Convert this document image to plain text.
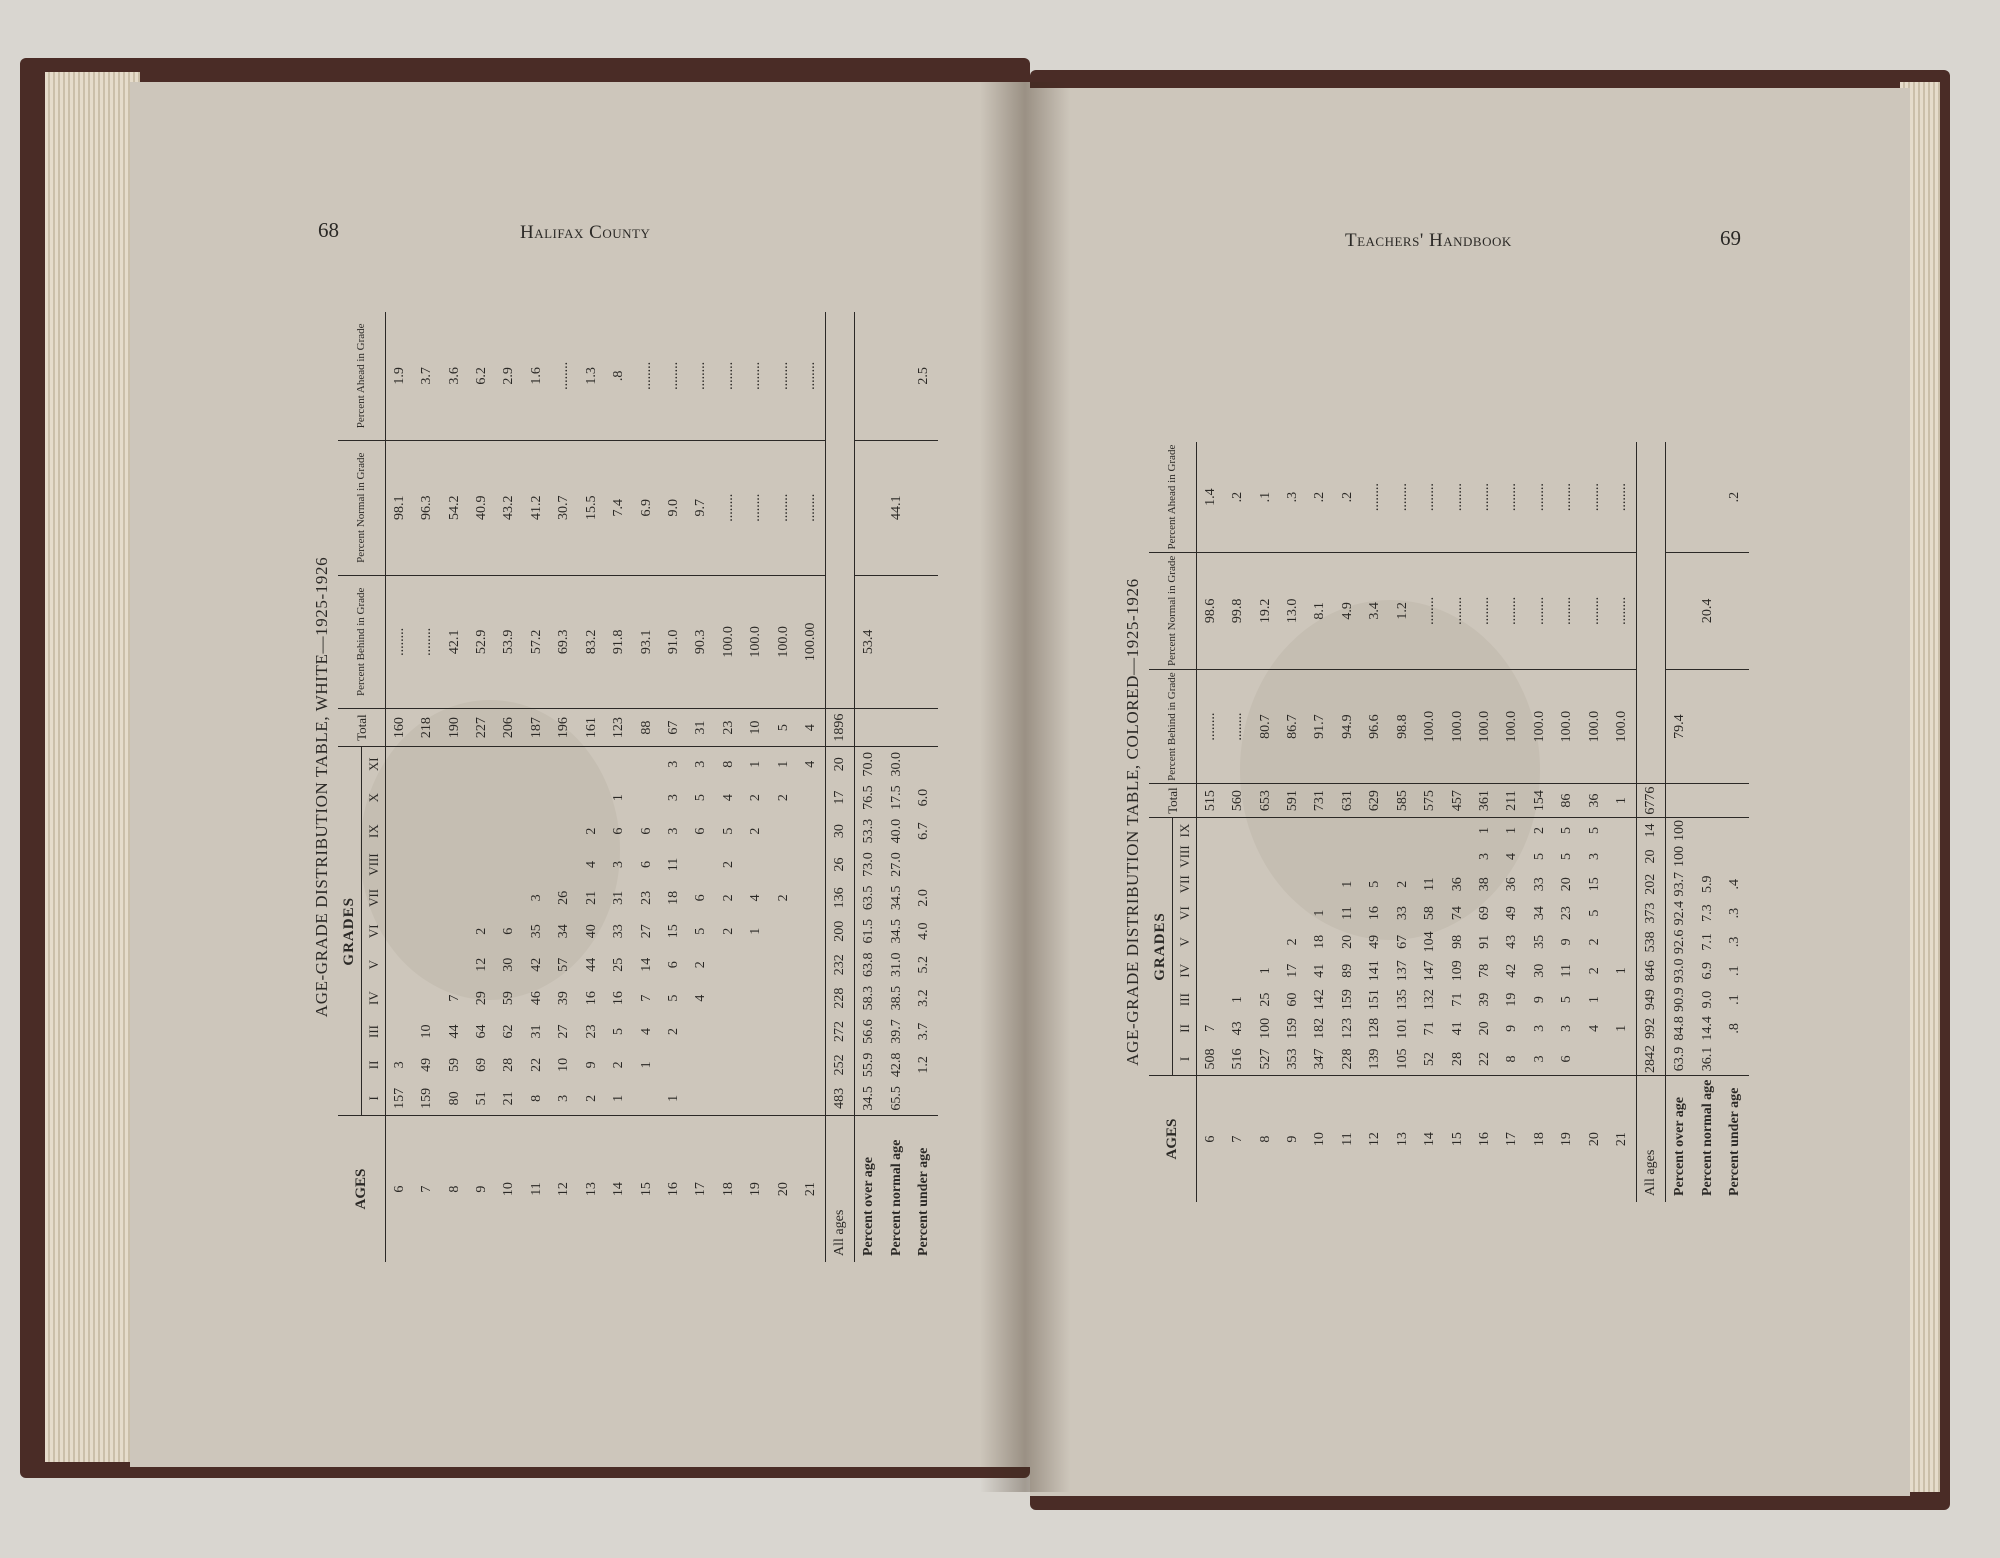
68	Halifax County	Teachers' Handbook	69
AGE-GRADE DISTRIBUTION TABLE, WHITE—1925-1926
AGES	GRADES											Total	Percent Behind in Grade	Percent Normal in Grade	Percent Ahead in Grade
	I	II	III	IV	V	VI	VII	VIII	IX	X	XI				
6	157	3										160	........	98.1	1.9
7	159	49	10									218	........	96.3	3.7
8	80	59	44	7								190	42.1	54.2	3.6
9	51	69	64	29	12	2						227	52.9	40.9	6.2
10	21	28	62	59	30	6						206	53.9	43.2	2.9
11	8	22	31	46	42	35	3					187	57.2	41.2	1.6
12	3	10	27	39	57	34	26					196	69.3	30.7	........
13	2	9	23	16	44	40	21	4	2			161	83.2	15.5	1.3
14	1	2	5	16	25	33	31	3	6	1		123	91.8	7.4	.8
15		1	4	7	14	27	23	6	6			88	93.1	6.9	........
16	1		2	5	6	15	18	11	3	3	3	67	91.0	9.0	........
17				4	2	5	6		6	5	3	31	90.3	9.7	........
18						2	2	2	5	4	8	23	100.0	........	........
19						1	4		2	2	1	10	100.0	........	........
20							2			2	1	5	100.0	........	........
21											4	4	100.00	........	........
All ages	483	252	272	228	232	200	136	26	30	17	20	1896			
Percent over age	34.5	55.9	56.6	58.3	63.8	61.5	63.5	73.0	53.3	76.5	70.0		53.4		
Percent normal age	65.5	42.8	39.7	38.5	31.0	34.5	34.5	27.0	40.0	17.5	30.0			44.1	
Percent under age		1.2	3.7	3.2	5.2	4.0	2.0		6.7	6.0					2.5
AGE-GRADE DISTRIBUTION TABLE, COLORED—1925-1926
AGES	GRADES									Total	Percent Behind in Grade	Percent Normal in Grade	Percent Ahead in Grade
	I	II	III	IV	V	VI	VII	VIII	IX				
6	508	7								515	........	98.6	1.4
7	516	43	1							560	........	99.8	.2
8	527	100	25	1						653	80.7	19.2	.1
9	353	159	60	17	2					591	86.7	13.0	.3
10	347	182	142	41	18	1				731	91.7	8.1	.2
11	228	123	159	89	20	11	1			631	94.9	4.9	.2
12	139	128	151	141	49	16	5			629	96.6	3.4	........
13	105	101	135	137	67	33	2			585	98.8	1.2	........
14	52	71	132	147	104	58	11			575	100.0	........	........
15	28	41	71	109	98	74	36			457	100.0	........	........
16	22	20	39	78	91	69	38	3	1	361	100.0	........	........
17	8	9	19	42	43	49	36	4	1	211	100.0	........	........
18	3	3	9	30	35	34	33	5	2	154	100.0	........	........
19	6	3	5	11	9	23	20	5	5	86	100.0	........	........
20		4	1	2	2	5	15	3	5	36	100.0	........	........
21		1		1						1	100.0	........	........
All ages	2842	992	949	846	538	373	202	20	14	6776			
Percent over age	63.9	84.8	90.9	93.0	92.6	92.4	93.7	100	100		79.4		
Percent normal age	36.1	14.4	9.0	6.9	7.1	7.3	5.9					20.4	
Percent under age		.8	.1	.1	.3	.3	.4						.2
